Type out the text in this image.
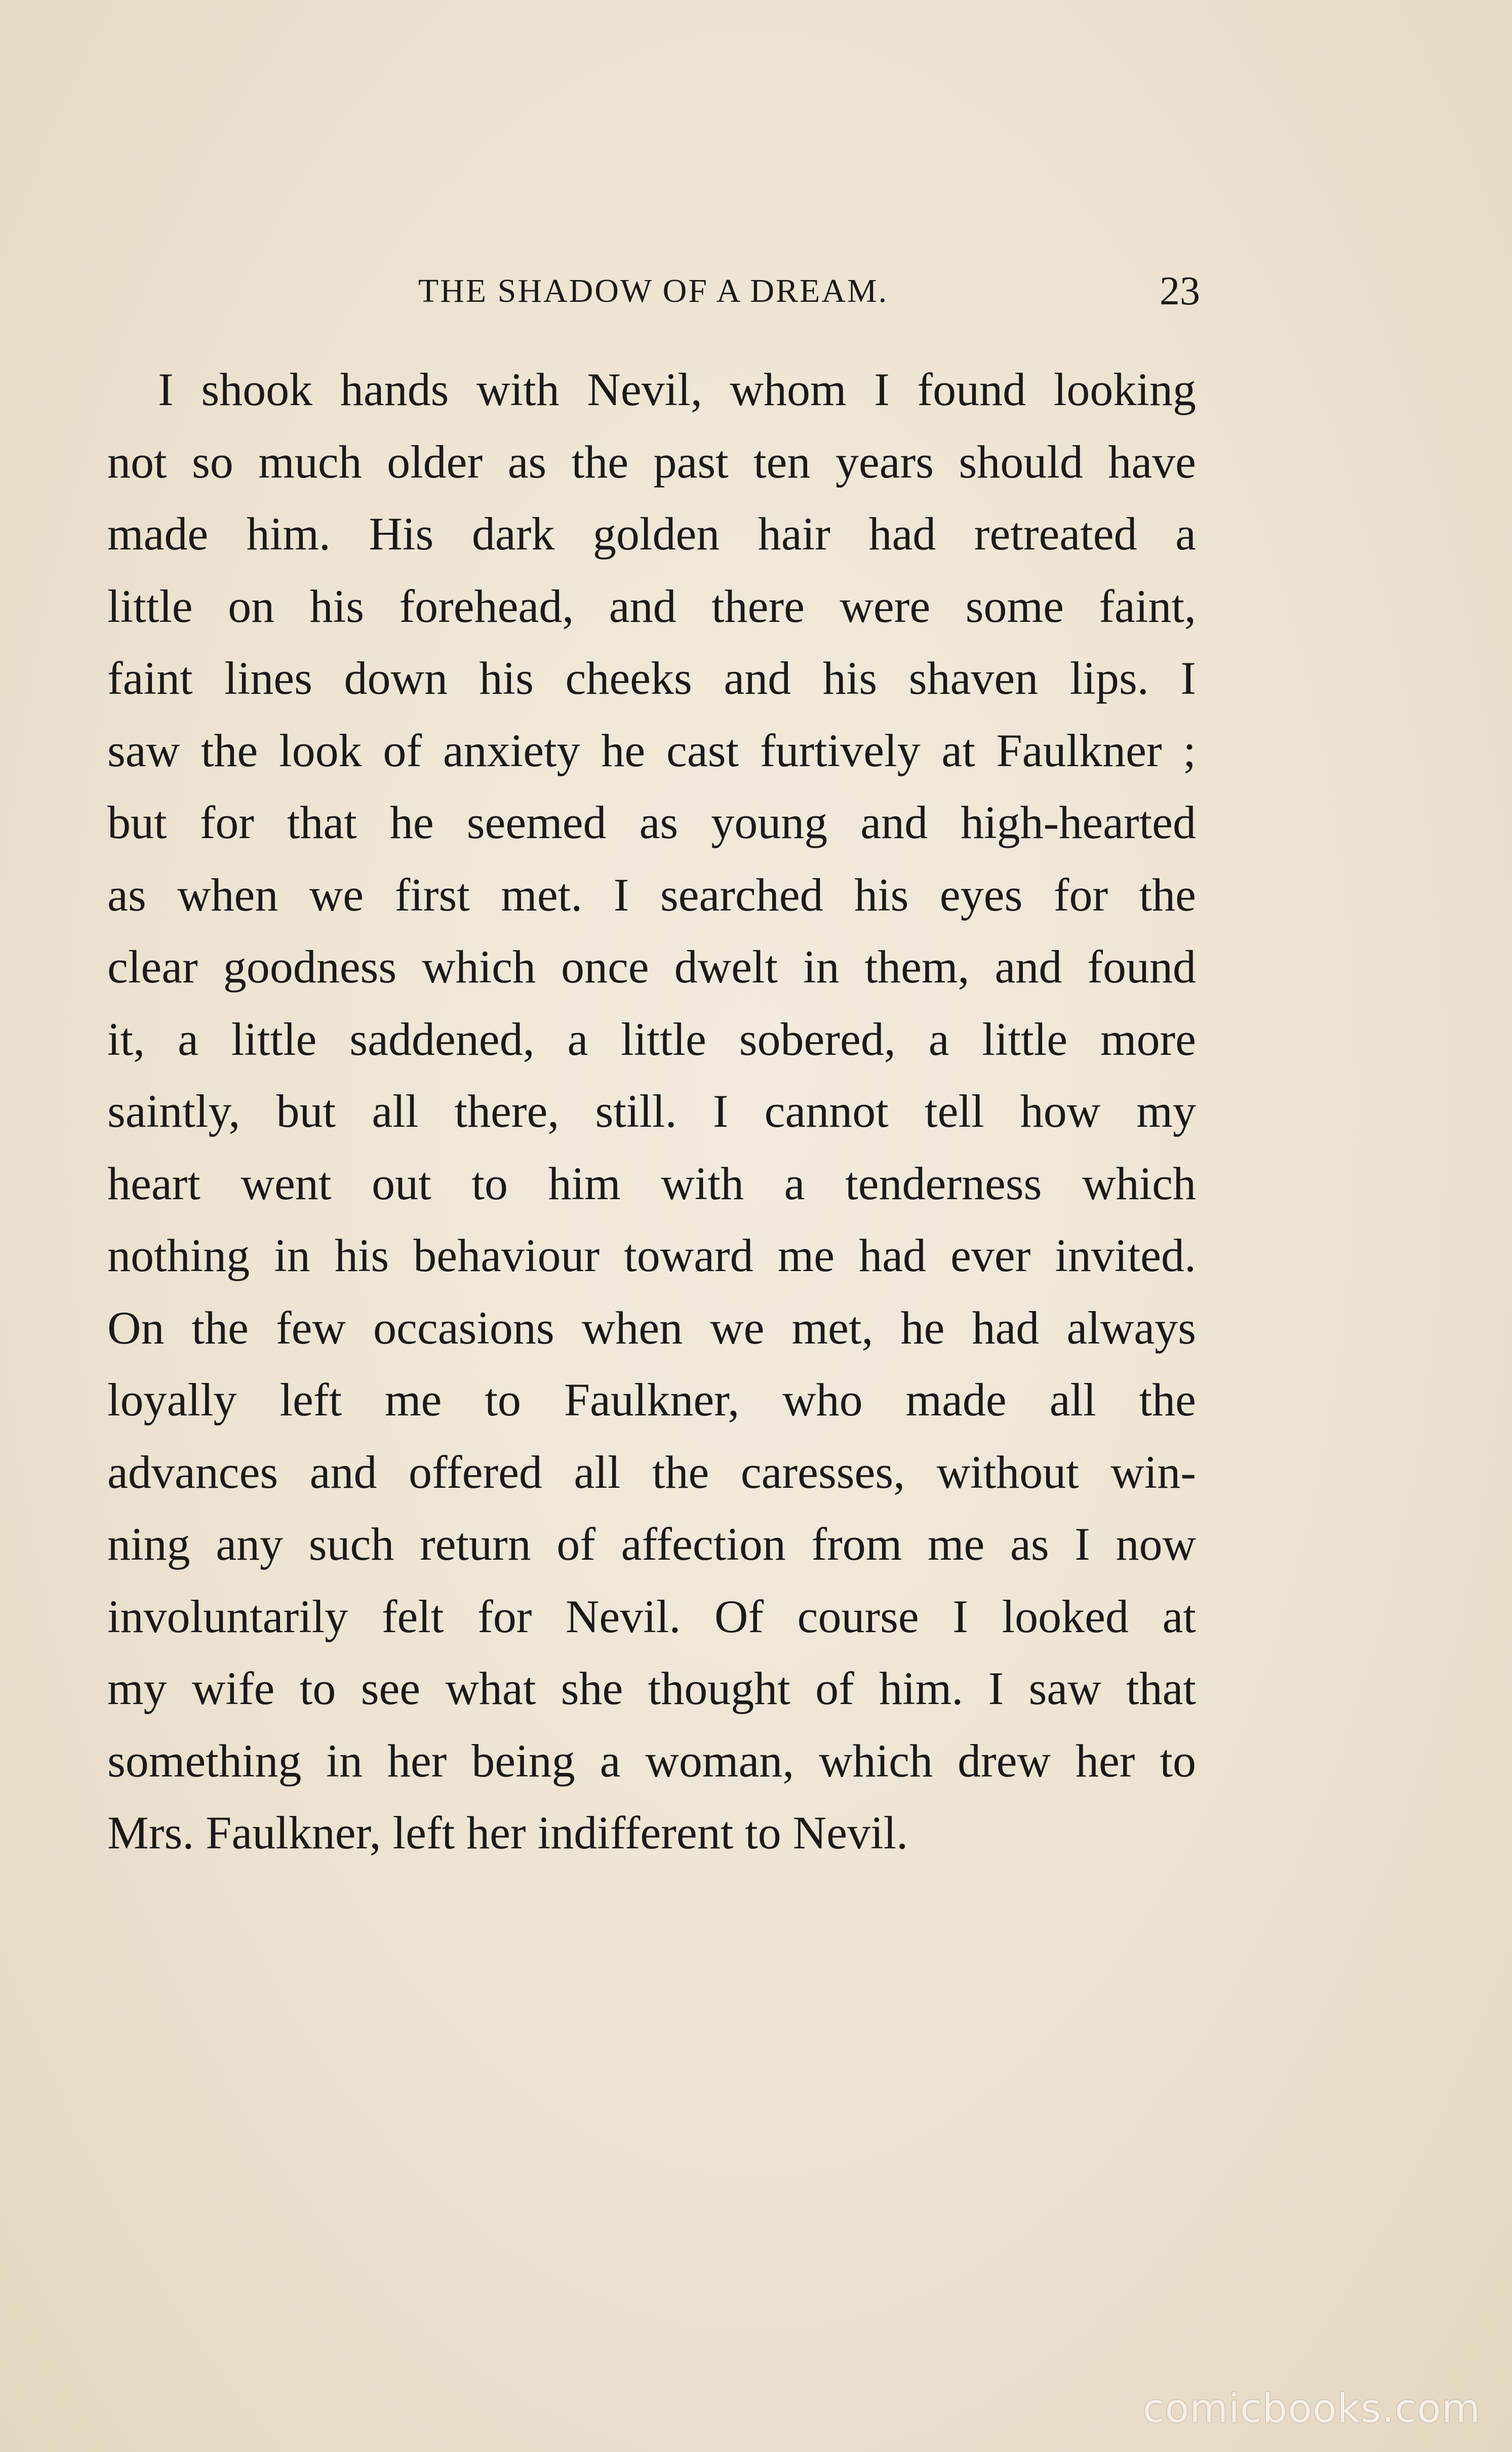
THE SHADOW OF A DREAM.	23
I shook hands with Nevil, whom I found looking
not so much older as the past ten years should have
made him. His dark golden hair had retreated a
little on his forehead, and there were some faint,
faint lines down his cheeks and his shaven lips. I
saw the look of anxiety he cast furtively at Faulkner ;
but for that he seemed as young and high-hearted
as when we first met. I searched his eyes for the
clear goodness which once dwelt in them, and found
it, a little saddened, a little sobered, a little more
saintly, but all there, still. I cannot tell how my
heart went out to him with a tenderness which
nothing in his behaviour toward me had ever invited.
On the few occasions when we met, he had always
loyally left me to Faulkner, who made all the
advances and offered all the caresses, without win-
ning any such return of affection from me as I now
involuntarily felt for Nevil. Of course I looked at
my wife to see what she thought of him. I saw that
something in her being a woman, which drew her to
Mrs. Faulkner, left her indifferent to Nevil.
comicbooks.com
